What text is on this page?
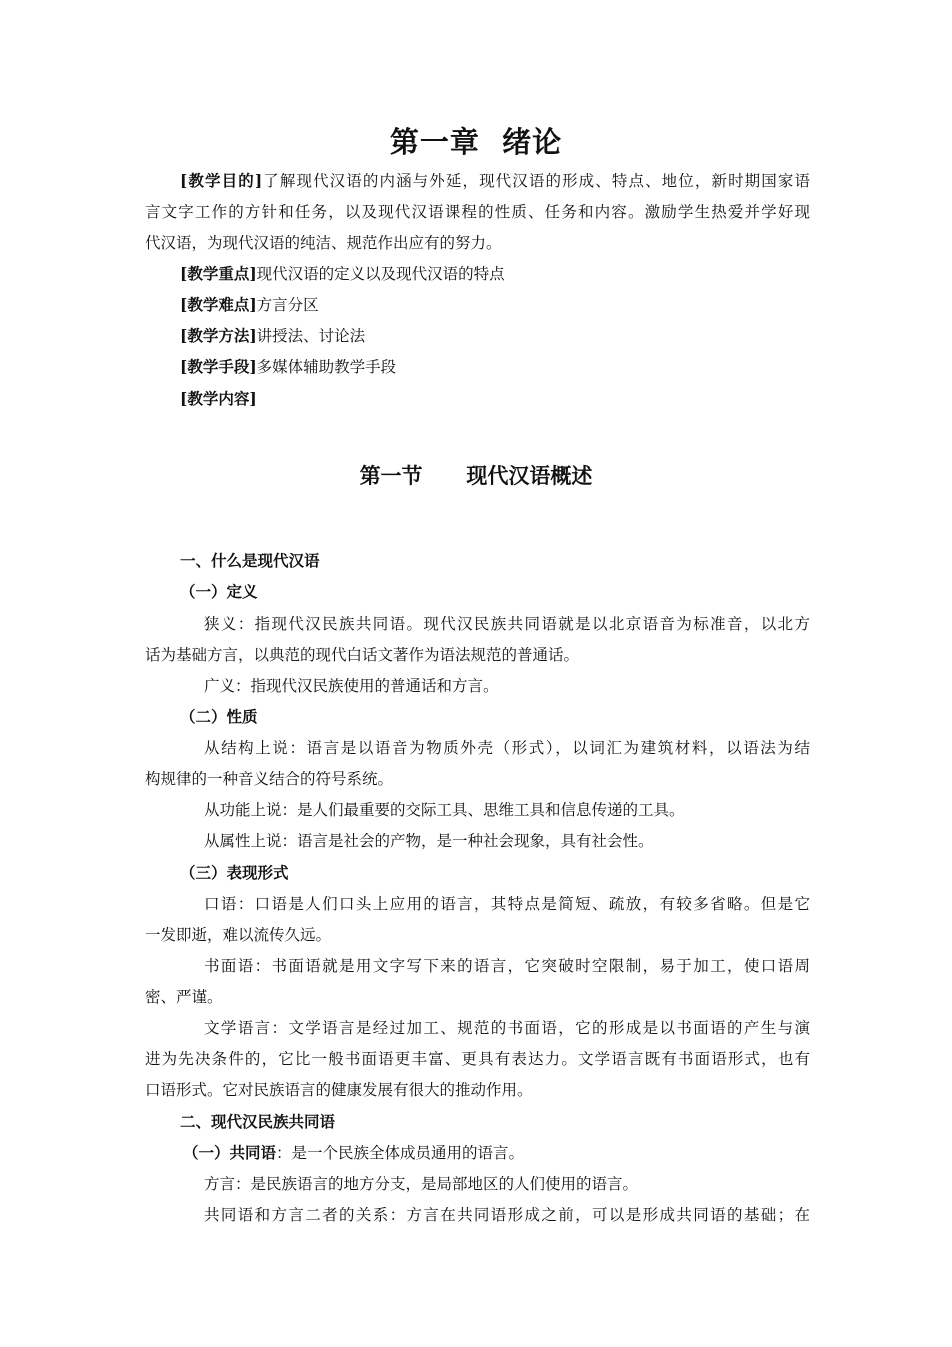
第一章  绪论
[教学目的]了解现代汉语的内涵与外延，现代汉语的形成、特点、地位，新时期国家语
言文字工作的方针和任务，以及现代汉语课程的性质、任务和内容。激励学生热爱并学好现
代汉语，为现代汉语的纯洁、规范作出应有的努力。
[教学重点]现代汉语的定义以及现代汉语的特点
[教学难点]方言分区
[教学方法]讲授法、讨论法
[教学手段]多媒体辅助教学手段
[教学内容]
第一节      现代汉语概述
一、什么是现代汉语
（一）定义
狭义：指现代汉民族共同语。现代汉民族共同语就是以北京语音为标准音，以北方
话为基础方言，以典范的现代白话文著作为语法规范的普通话。
广义：指现代汉民族使用的普通话和方言。
（二）性质
从结构上说：语言是以语音为物质外壳（形式），以词汇为建筑材料，以语法为结
构规律的一种音义结合的符号系统。
从功能上说：是人们最重要的交际工具、思维工具和信息传递的工具。
从属性上说：语言是社会的产物，是一种社会现象，具有社会性。
（三）表现形式
口语：口语是人们口头上应用的语言，其特点是简短、疏放，有较多省略。但是它
一发即逝，难以流传久远。
书面语：书面语就是用文字写下来的语言，它突破时空限制，易于加工，使口语周
密、严谨。
文学语言：文学语言是经过加工、规范的书面语，它的形成是以书面语的产生与演
进为先决条件的，它比一般书面语更丰富、更具有表达力。文学语言既有书面语形式，也有
口语形式。它对民族语言的健康发展有很大的推动作用。
二、现代汉民族共同语
（一）共同语：是一个民族全体成员通用的语言。
方言：是民族语言的地方分支，是局部地区的人们使用的语言。
共同语和方言二者的关系：方言在共同语形成之前，可以是形成共同语的基础；在
